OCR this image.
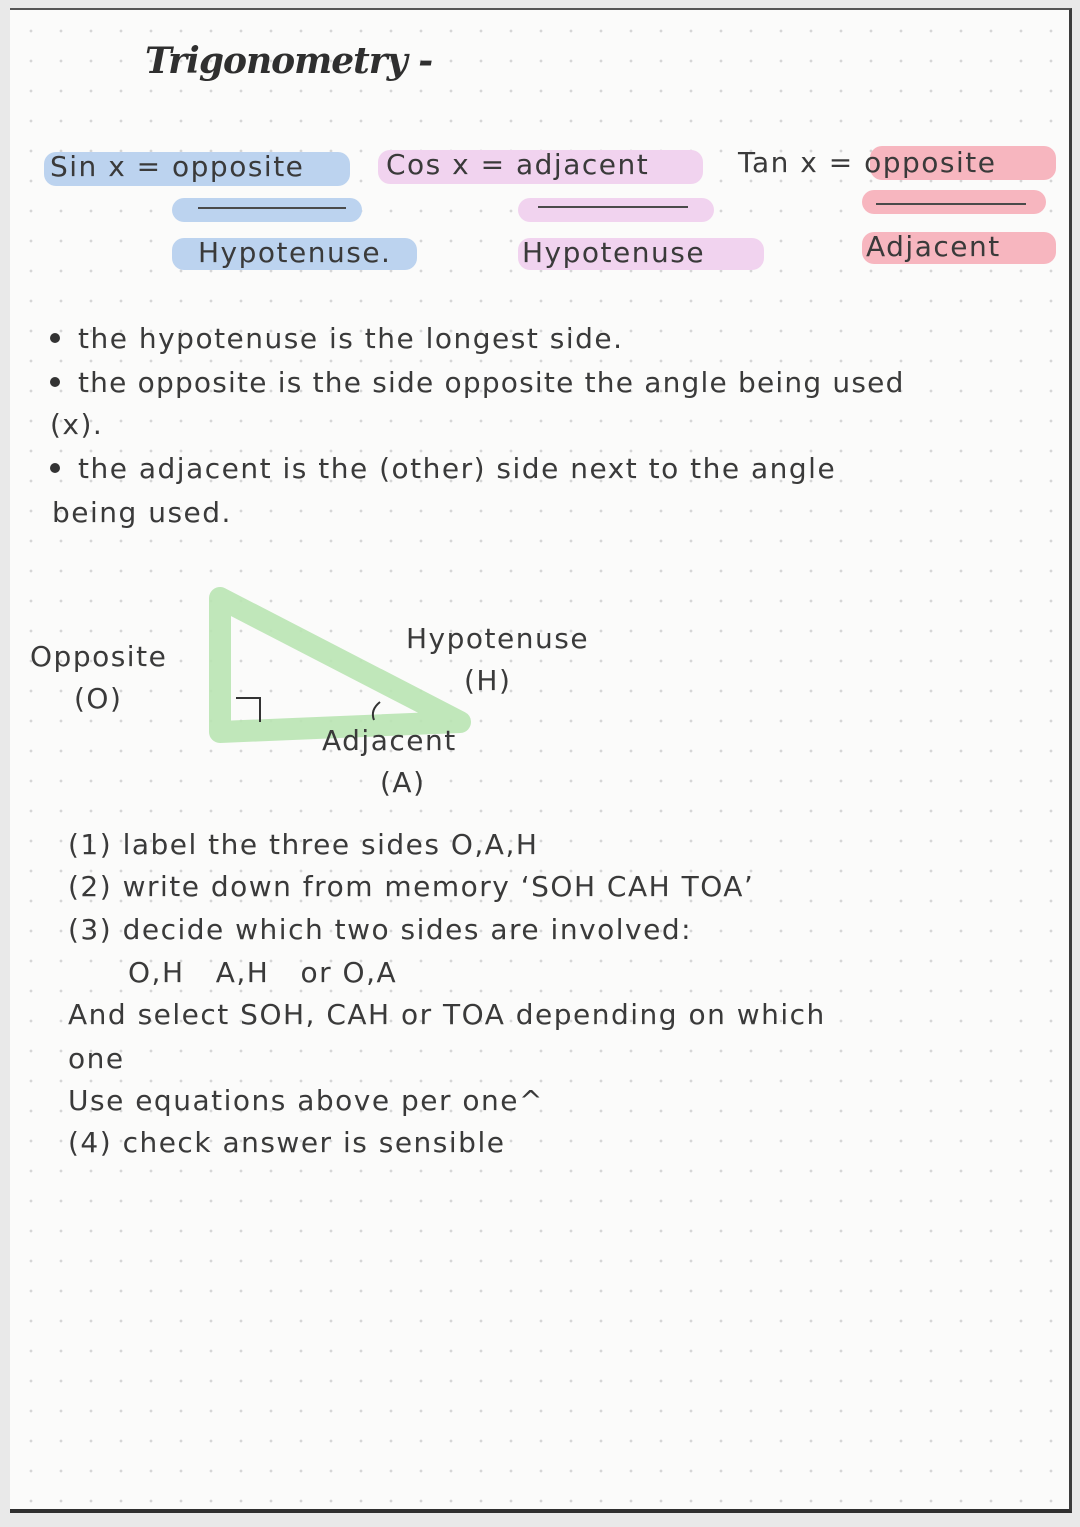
Trigonometry -
Sin x = opposite
Hypotenuse.
Cos x = adjacent
Hypotenuse
Tan x = opposite
Adjacent
the hypotenuse is the longest side.
the opposite is the side opposite the angle being used
(x).
the adjacent is the (other) side next to the angle
being used.
Opposite
(O)
Hypotenuse
(H)
Adjacent
(A)
(1) label the three sides O,A,H
(2) write down from memory ‘SOH CAH TOA’
(3) decide which two sides are involved:
O,H   A,H   or O,A
And select SOH, CAH or TOA depending on which
one
Use equations above per one^
(4) check answer is sensible
